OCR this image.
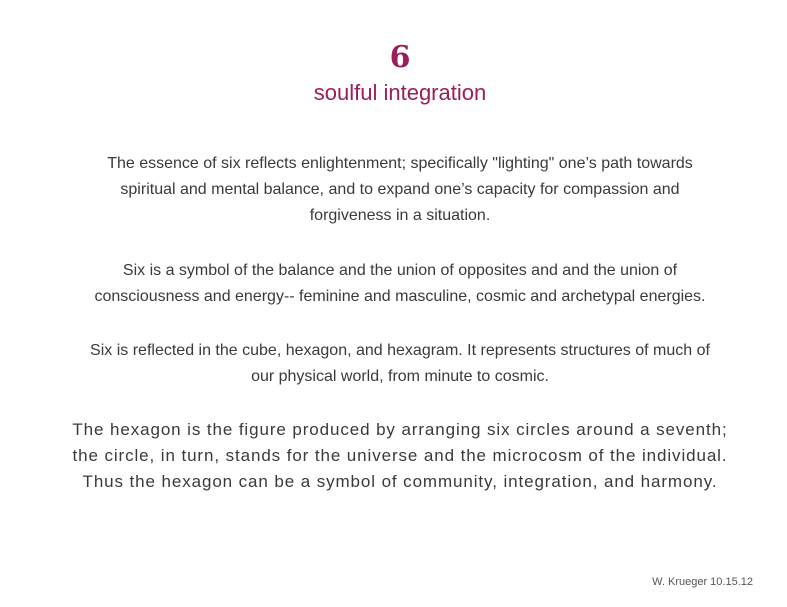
6
soulful integration
The essence of six reflects enlightenment; specifically "lighting" one’s path towards
spiritual and mental balance, and to expand one’s capacity for compassion and
forgiveness in a situation.
Six is a symbol of the balance and the union of opposites and and the union of
consciousness and energy-- feminine and masculine, cosmic and archetypal energies.
Six is reflected in the cube, hexagon, and hexagram. It represents structures of much of
our physical world, from minute to cosmic.
The hexagon is the figure produced by arranging six circles around a seventh;
the circle, in turn, stands for the universe and the microcosm of the individual.
Thus the hexagon can be a symbol of community, integration, and harmony.
W. Krueger 10.15.12
